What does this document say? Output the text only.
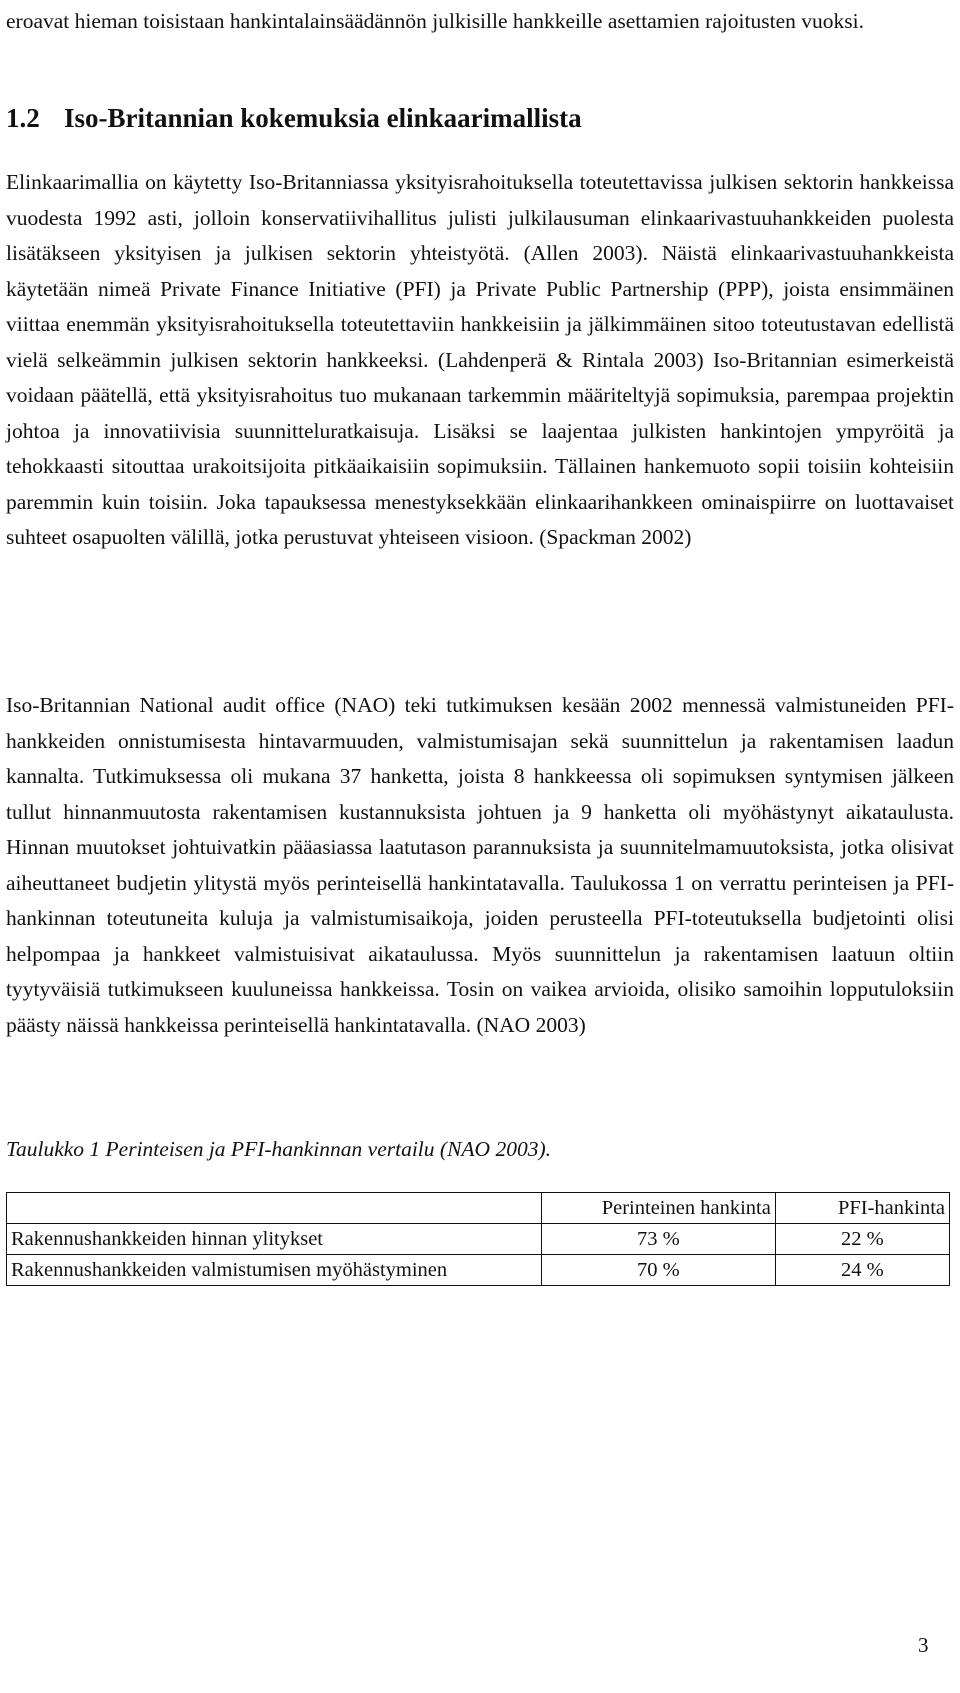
eroavat hieman toisistaan hankintalainsäädännön julkisille hankkeille asettamien rajoitusten vuoksi.

1.2 Iso-Britannian kokemuksia elinkaarimallista

Elinkaarimallia on käytetty Iso-Britanniassa yksityisrahoituksella toteutettavissa julkisen sektorin hankkeissa vuodesta 1992 asti, jolloin konservatiivihallitus julisti julkilausuman elinkaarivastuuhankkeiden puolesta lisätäkseen yksityisen ja julkisen sektorin yhteistyötä. (Allen 2003). Näistä elinkaarivastuuhankkeista käytetään nimeä Private Finance Initiative (PFI) ja Private Public Partnership (PPP), joista ensimmäinen viittaa enemmän yksityisrahoituksella toteutettaviin hankkeisiin ja jälkimmäinen sitoo toteutustavan edellistä vielä selkeämmin julkisen sektorin hankkeeksi. (Lahdenperä & Rintala 2003) Iso-Britannian esimerkeistä voidaan päätellä, että yksityisrahoitus tuo mukanaan tarkemmin määriteltyjä sopimuksia, parempaa projektin johtoa ja innovatiivisia suunnitteluratkaisuja. Lisäksi se laajentaa julkisten hankintojen ympyröitä ja tehokkaasti sitouttaa urakoitsijoita pitkäaikaisiin sopimuksiin. Tällainen hankemuoto sopii toisiin kohteisiin paremmin kuin toisiin. Joka tapauksessa menestyksekkään elinkaarihankkeen ominaispiirre on luottavaiset suhteet osapuolten välillä, jotka perustuvat yhteiseen visioon. (Spackman 2002)

Iso-Britannian National audit office (NAO) teki tutkimuksen kesään 2002 mennessä valmistuneiden PFI-hankkeiden onnistumisesta hintavarmuuden, valmistumisajan sekä suunnittelun ja rakentamisen laadun kannalta. Tutkimuksessa oli mukana 37 hanketta, joista 8 hankkeessa oli sopimuksen syntymisen jälkeen tullut hinnanmuutosta rakentamisen kustannuksista johtuen ja 9 hanketta oli myöhästynyt aikataulusta. Hinnan muutokset johtuivatkin pääasiassa laatutason parannuksista ja suunnitelmamuutoksista, jotka olisivat aiheuttaneet budjetin ylitystä myös perinteisellä hankintatavalla. Taulukossa 1 on verrattu perinteisen ja PFI-hankinnan toteutuneita kuluja ja valmistumisaikoja, joiden perusteella PFI-toteutuksella budjetointi olisi helpompaa ja hankkeet valmistuisivat aikataulussa. Myös suunnittelun ja rakentamisen laatuun oltiin tyytyväisiä tutkimukseen kuuluneissa hankkeissa. Tosin on vaikea arvioida, olisiko samoihin lopputuloksiin päästy näissä hankkeissa perinteisellä hankintatavalla. (NAO 2003)

Taulukko 1 Perinteisen ja PFI-hankinnan vertailu (NAO 2003).

	Perinteinen hankinta	PFI-hankinta
Rakennushankkeiden hinnan ylitykset	73 %	22 %
Rakennushankkeiden valmistumisen myöhästyminen	70 %	24 %
3
